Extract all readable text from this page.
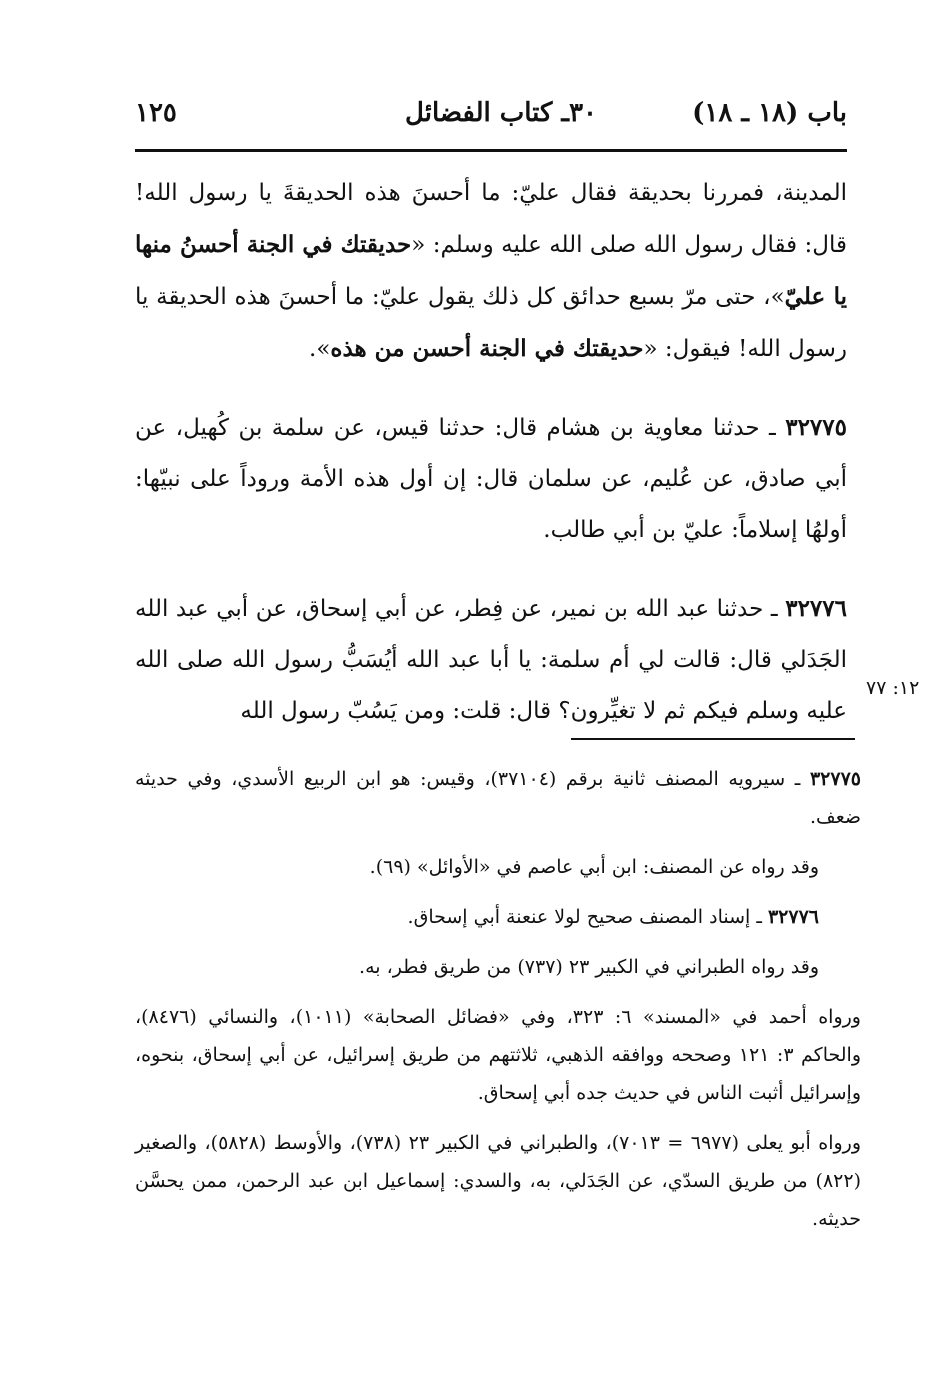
باب (١٨ ـ ١٨)
٣٠ـ كتاب الفضائل
١٢٥

المدينة، فمررنا بحديقة فقال عليّ: ما أحسنَ هذه الحديقةَ يا رسول الله! قال: فقال رسول الله صلى الله عليه وسلم: «حديقتك في الجنة أحسنُ منها يا عليّ»، حتى مرّ بسبع حدائق كل ذلك يقول عليّ: ما أحسنَ هذه الحديقة يا رسول الله! فيقول: «حديقتك في الجنة أحسن من هذه».

٣٢٧٧٥ ـ حدثنا معاوية بن هشام قال: حدثنا قيس، عن سلمة بن كُهيل، عن أبي صادق، عن عُليم، عن سلمان قال: إن أول هذه الأمة وروداً على نبيّها: أولهُا إسلاماً: عليّ بن أبي طالب.

٣٢٧٧٦ ـ حدثنا عبد الله بن نمير، عن فِطر، عن أبي إسحاق، عن أبي عبد الله الجَدَلي قال: قالت لي أم سلمة: يا أبا عبد الله أيُسَبُّ رسول الله صلى الله عليه وسلم فيكم ثم لا تغيِّرون؟ قال: قلت: ومن يَسُبّ رسول الله

١٢: ٧٧

٣٢٧٧٥ ـ سيرويه المصنف ثانية برقم (٣٧١٠٤)، وقيس: هو ابن الربيع الأسدي، وفي حديثه ضعف.

وقد رواه عن المصنف: ابن أبي عاصم في «الأوائل» (٦٩).

٣٢٧٧٦ ـ إسناد المصنف صحيح لولا عنعنة أبي إسحاق.

وقد رواه الطبراني في الكبير ٢٣ (٧٣٧) من طريق فطر، به.

ورواه أحمد في «المسند» ٦: ٣٢٣، وفي «فضائل الصحابة» (١٠١١)، والنسائي (٨٤٧٦)، والحاكم ٣: ١٢١ وصححه ووافقه الذهبي، ثلاثتهم من طريق إسرائيل، عن أبي إسحاق، بنحوه، وإسرائيل أثبت الناس في حديث جده أبي إسحاق.

ورواه أبو يعلى (٦٩٧٧ = ٧٠١٣)، والطبراني في الكبير ٢٣ (٧٣٨)، والأوسط (٥٨٢٨)، والصغير (٨٢٢) من طريق السدّي، عن الجَدَلي، به، والسدي: إسماعيل ابن عبد الرحمن، ممن يحسَّن حديثه.
